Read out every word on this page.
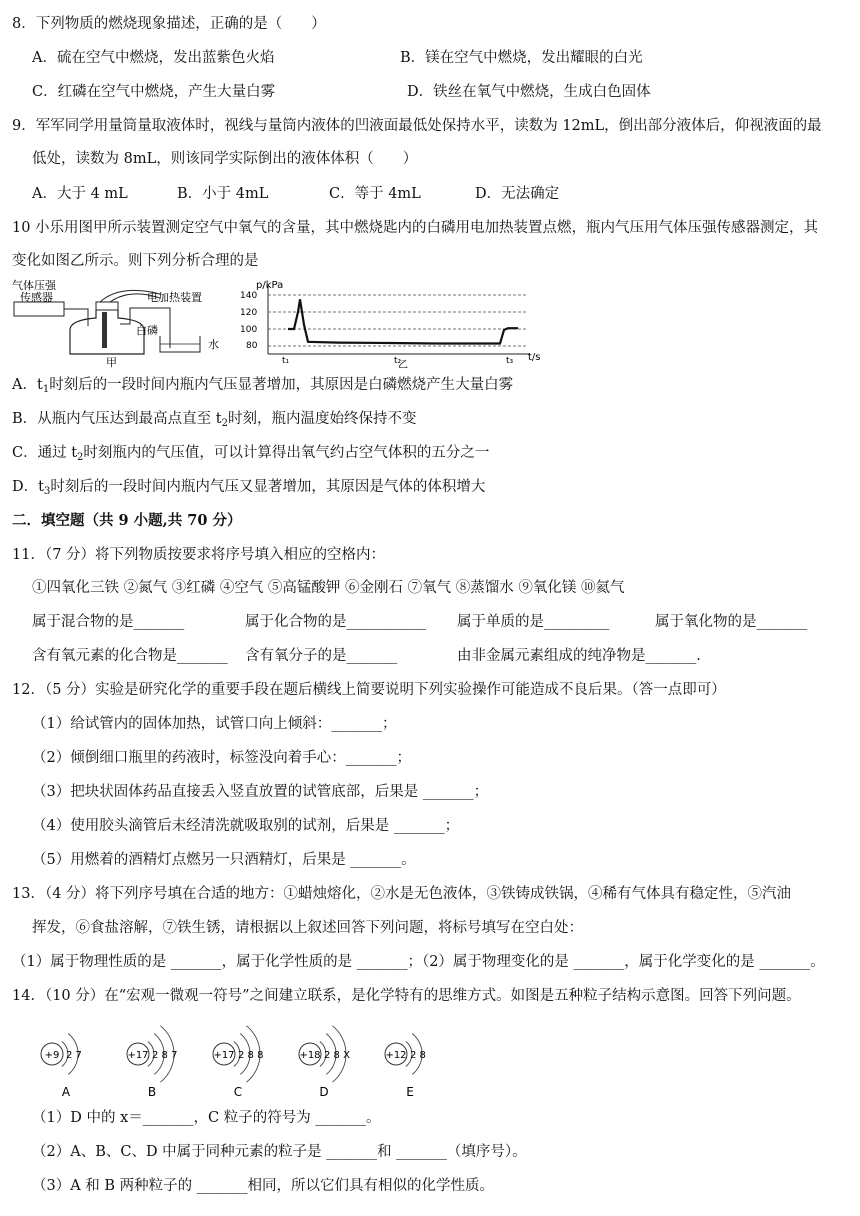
8．下列物质的燃烧现象描述，正确的是（　　）
A．硫在空气中燃烧，发出蓝紫色火焰	B．镁在空气中燃烧，发出耀眼的白光
C．红磷在空气中燃烧，产生大量白雾	D．铁丝在氧气中燃烧，生成白色固体
9．军军同学用量筒量取液体时，视线与量筒内液体的凹液面最低处保持水平，读数为 12mL，倒出部分液体后，仰视液面的最
低处，读数为 8mL，则该同学实际倒出的液体体积（　　）
A．大于 4 mL	B．小于 4mL	C．等于 4mL	D．无法确定
10 小乐用图甲所示装置测定空气中氧气的含量，其中燃烧匙内的白磷用电加热装置点燃，瓶内气压用气体压强传感器测定，其
变化如图乙所示。则下列分析合理的是
气体压强
传感器	电加热装置
白磷
水
甲
p/kPa
t/s
140
120
100
80
t₁	t₂	t₃
乙
A．$t_1$时刻后的一段时间内瓶内气压显著增加，其原因是白磷燃烧产生大量白雾
B．从瓶内气压达到最高点直至 $t_2$时刻，瓶内温度始终保持不变
C．通过 $t_2$时刻瓶内的气压值，可以计算得出氧气约占空气体积的五分之一
D．$t_3$时刻后的一段时间内瓶内气压又显著增加，其原因是气体的体积增大
二．填空题（共 9 小题,共 70 分）
11．（7 分）将下列物质按要求将序号填入相应的空格内：
①四氧化三铁 ②氮气 ③红磷 ④空气 ⑤高锰酸钾 ⑥金刚石 ⑦氧气 ⑧蒸馏水 ⑨氧化镁 ⑩氦气
属于混合物的是_______	属于化合物的是___________ 属于单质的是_________	属于氧化物的是_______
含有氧元素的化合物是_______ 含有氧分子的是_______	由非金属元素组成的纯净物是_______.
12．（5 分）实验是研究化学的重要手段在题后横线上简要说明下列实验操作可能造成不良后果。（答一点即可）
（1）给试管内的固体加热，试管口向上倾斜：_______；
（2）倾倒细口瓶里的药液时，标签没向着手心：_______；
（3）把块状固体药品直接丢入竖直放置的试管底部，后果是 _______；
（4）使用胶头滴管后未经清洗就吸取别的试剂，后果是 _______；
（5）用燃着的酒精灯点燃另一只酒精灯，后果是 _______。
13．（4 分）将下列序号填在合适的地方：①蜡烛熔化，②水是无色液体，③铁铸成铁锅，④稀有气体具有稳定性，⑤汽油
挥发，⑥食盐溶解，⑦铁生锈，请根据以上叙述回答下列问题，将标号填写在空白处：
（1）属于物理性质的是 _______，属于化学性质的是 _______；（2）属于物理变化的是 _______，属于化学变化的是 _______。
14．（10 分）在“宏观一微观一符号”之间建立联系，是化学特有的思维方式。如图是五种粒子结构示意图。回答下列问题。
+9 2 7
A
+17 2 8 7
B
+17 2 8 8
C
+18 2 8 X
D
+12 2 8
E
（1）D 中的 x＝_______，C 粒子的符号为 _______。
（2）A、B、C、D 中属于同种元素的粒子是 _______和 _______（填序号）。
（3）A 和 B 两种粒子的 _______相同，所以它们具有相似的化学性质。
